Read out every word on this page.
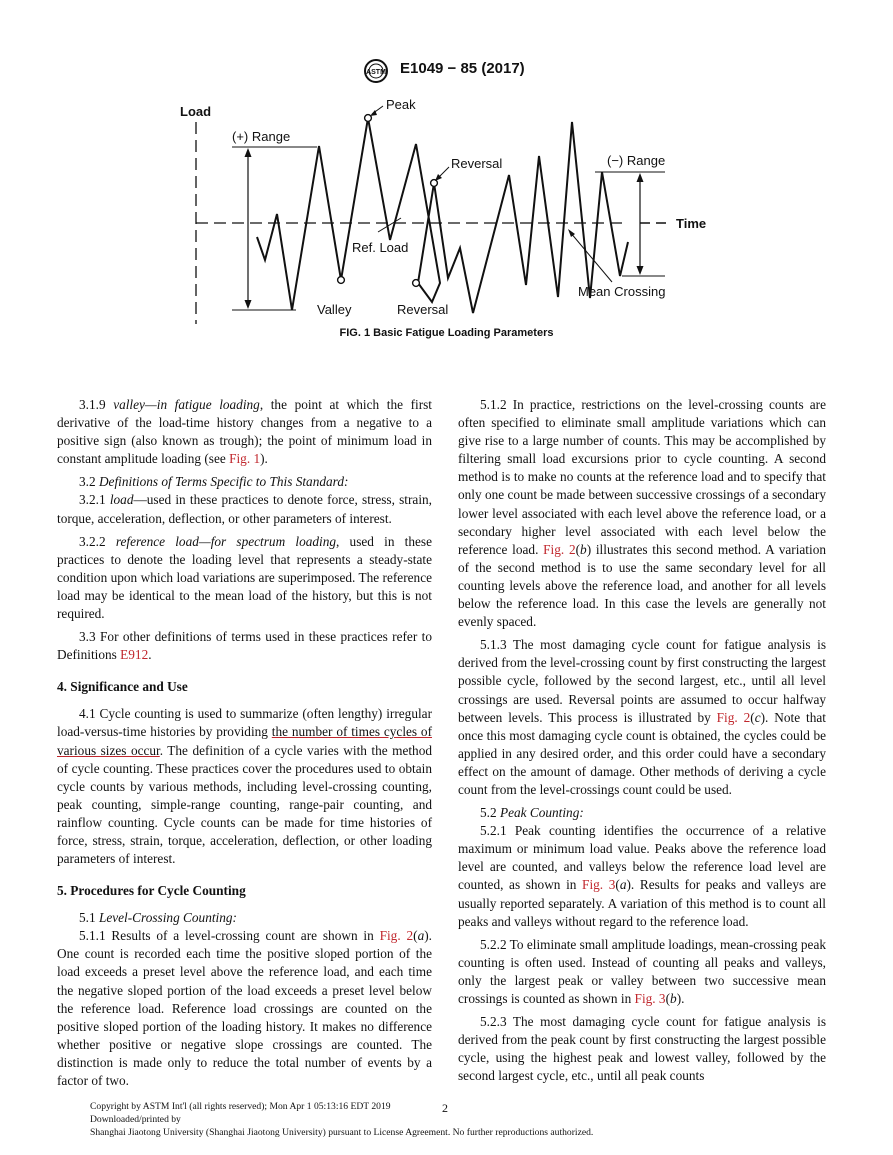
ASTM E1049 − 85 (2017)
Load	Peak
(+) Range
Reversal	(−) Range
Time
Ref. Load
Valley	Reversal
Mean Crossing
FIG. 1 Basic Fatigue Loading Parameters

3.1.9 valley—in fatigue loading, the point at which the first derivative of the load-time history changes from a negative to a positive sign (also known as trough); the point of minimum load in constant amplitude loading (see Fig. 1).

3.2 Definitions of Terms Specific to This Standard:

3.2.1 load—used in these practices to denote force, stress, strain, torque, acceleration, deflection, or other parameters of interest.

3.2.2 reference load—for spectrum loading, used in these practices to denote the loading level that represents a steady-state condition upon which load variations are superimposed. The reference load may be identical to the mean load of the history, but this is not required.

3.3 For other definitions of terms used in these practices refer to Definitions E912.

4. Significance and Use

4.1 Cycle counting is used to summarize (often lengthy) irregular load-versus-time histories by providing the number of times cycles of various sizes occur. The definition of a cycle varies with the method of cycle counting. These practices cover the procedures used to obtain cycle counts by various methods, including level-crossing counting, peak counting, simple-range counting, range-pair counting, and rainflow counting. Cycle counts can be made for time histories of force, stress, strain, torque, acceleration, deflection, or other loading parameters of interest.

5. Procedures for Cycle Counting

5.1 Level-Crossing Counting:

5.1.1 Results of a level-crossing count are shown in Fig. 2(a). One count is recorded each time the positive sloped portion of the load exceeds a preset level above the reference load, and each time the negative sloped portion of the load exceeds a preset level below the reference load. Reference load crossings are counted on the positive sloped portion of the loading history. It makes no difference whether positive or negative slope crossings are counted. The distinction is made only to reduce the total number of events by a factor of two.

5.1.2 In practice, restrictions on the level-crossing counts are often specified to eliminate small amplitude variations which can give rise to a large number of counts. This may be accomplished by filtering small load excursions prior to cycle counting. A second method is to make no counts at the reference load and to specify that only one count be made between successive crossings of a secondary lower level associated with each level above the reference load, or a secondary higher level associated with each level below the reference load. Fig. 2(b) illustrates this second method. A variation of the second method is to use the same secondary level for all counting levels above the reference load, and another for all levels below the reference load. In this case the levels are generally not evenly spaced.

5.1.3 The most damaging cycle count for fatigue analysis is derived from the level-crossing count by first constructing the largest possible cycle, followed by the second largest, etc., until all level crossings are used. Reversal points are assumed to occur halfway between levels. This process is illustrated by Fig. 2(c). Note that once this most damaging cycle count is obtained, the cycles could be applied in any desired order, and this order could have a secondary effect on the amount of damage. Other methods of deriving a cycle count from the level-crossings count could be used.

5.2 Peak Counting:

5.2.1 Peak counting identifies the occurrence of a relative maximum or minimum load value. Peaks above the reference load level are counted, and valleys below the reference load level are counted, as shown in Fig. 3(a). Results for peaks and valleys are usually reported separately. A variation of this method is to count all peaks and valleys without regard to the reference load.

5.2.2 To eliminate small amplitude loadings, mean-crossing peak counting is often used. Instead of counting all peaks and valleys, only the largest peak or valley between two successive mean crossings is counted as shown in Fig. 3(b).

5.2.3 The most damaging cycle count for fatigue analysis is derived from the peak count by first constructing the largest possible cycle, using the highest peak and lowest valley, followed by the second largest cycle, etc., until all peak counts

Copyright by ASTM Int'l (all rights reserved); Mon Apr 1 05:13:16 EDT 2019
Downloaded/printed by
Shanghai Jiaotong University (Shanghai Jiaotong University) pursuant to License Agreement. No further reproductions authorized.
2
